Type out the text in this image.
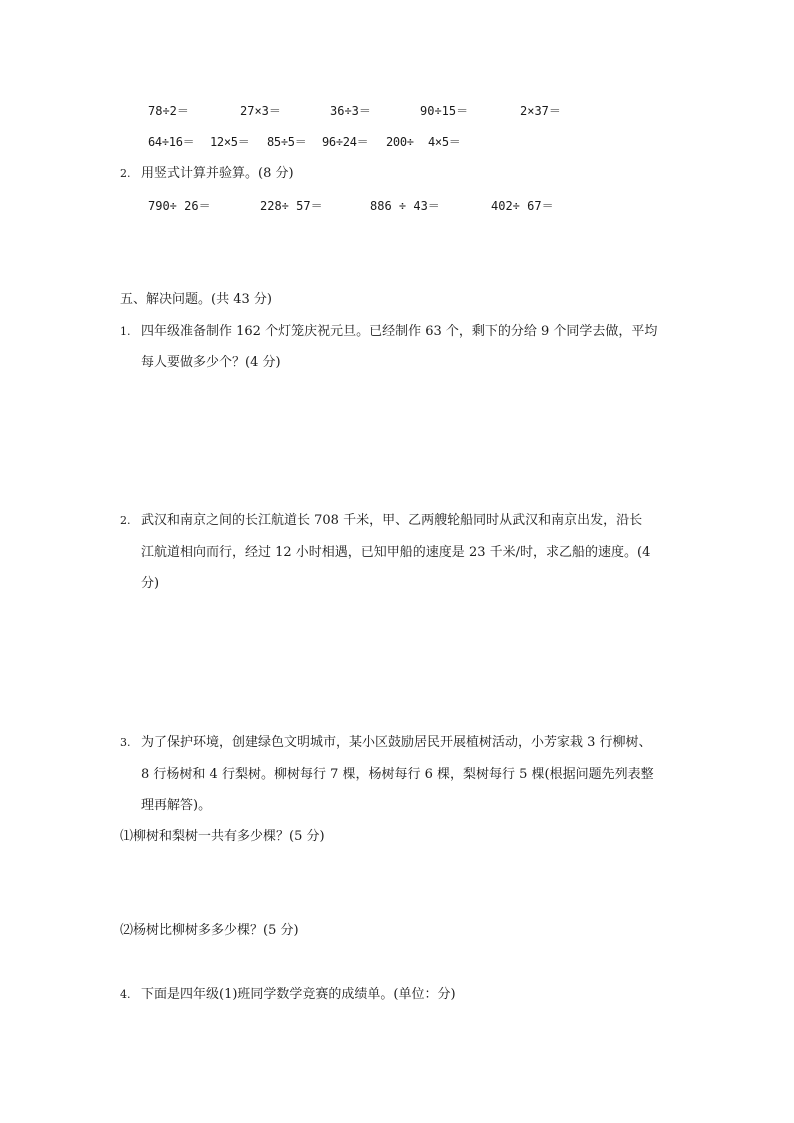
78÷2＝	27×3＝	36÷3＝	90÷15＝	2×37＝
64÷16＝ 12×5＝ 85÷5＝ 96÷24＝ 200÷ 4×5＝
2. 用竖式计算并验算。(8 分)
790÷ 26＝	228÷ 57＝	886 ÷ 43＝	402÷ 67＝
五、解决问题。(共 43 分)
1. 四年级准备制作 162 个灯笼庆祝元旦。已经制作 63 个，剩下的分给 9 个同学去做，平均
每人要做多少个？(4 分)
2. 武汉和南京之间的长江航道长 708 千米，甲、乙两艘轮船同时从武汉和南京出发，沿长
江航道相向而行，经过 12 小时相遇，已知甲船的速度是 23 千米/时，求乙船的速度。(4
分)
3. 为了保护环境，创建绿色文明城市，某小区鼓励居民开展植树活动，小芳家栽 3 行柳树、
8 行杨树和 4 行梨树。柳树每行 7 棵，杨树每行 6 棵，梨树每行 5 棵(根据问题先列表整
理再解答)。
⑴柳树和梨树一共有多少棵？(5 分)
⑵杨树比柳树多多少棵？(5 分)
4. 下面是四年级(1)班同学数学竞赛的成绩单。(单位：分)
